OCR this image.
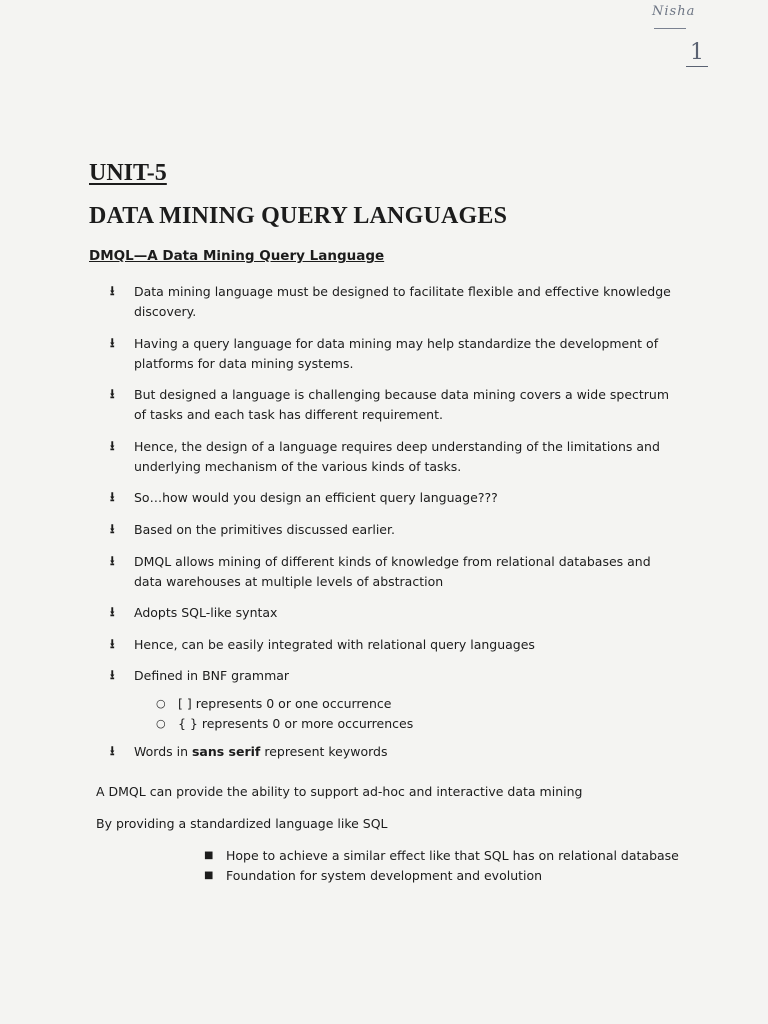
Nisha
1
UNIT-5
DATA MINING QUERY LANGUAGES
DMQL—A Data Mining Query Language
⭳ Data mining language must be designed to facilitate flexible and effective knowledge discovery.
⭳ Having a query language for data mining may help standardize the development of platforms for data mining systems.
⭳ But designed a language is challenging because data mining covers a wide spectrum of tasks and each task has different requirement.
⭳ Hence, the design of a language requires deep understanding of the limitations and underlying mechanism of the various kinds of tasks.
⭳ So…how would you design an efficient query language???
⭳ Based on the primitives discussed earlier.
⭳ DMQL allows mining of different kinds of knowledge from relational databases and data warehouses at multiple levels of abstraction
⭳ Adopts SQL-like syntax
⭳ Hence, can be easily integrated with relational query languages
⭳ Defined in BNF grammar
○ [ ] represents 0 or one occurrence
○ { } represents 0 or more occurrences
⭳ Words in sans serif represent keywords
A DMQL can provide the ability to support ad-hoc and interactive data mining
By providing a standardized language like SQL
■ Hope to achieve a similar effect like that SQL has on relational database
■ Foundation for system development and evolution
